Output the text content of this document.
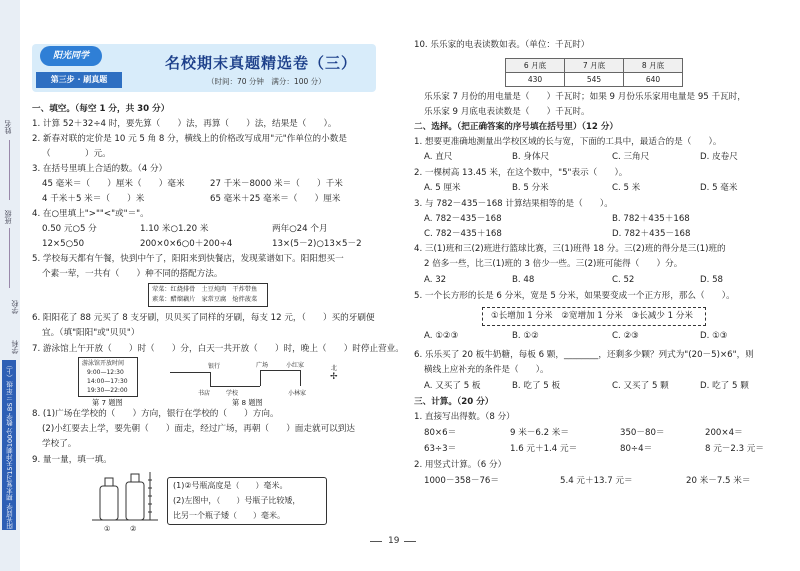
姓名
班级
学校
学科
阳光同学 期末复习15天冲刺100分 数学 BS 三年级（上）
阳光同学
第三步 · 刷真题
名校期末真题精选卷（三）
（时间：70 分钟　满分：100 分）
一、填空。（每空 1 分，共 30 分）
1. 计算 52＋32÷4 时，要先算（　　）法，再算（　　）法，结果是（　　）。
2. 新春对联的定价是 10 元 5 角 8 分，横线上的价格改写成用"元"作单位的小数是
（　　　　）元。
3. 在括号里填上合适的数。（4 分）
45 毫米＝（　　）厘米（　　）毫米	27 千米－8000 米＝（　　）千米
4 千米＋5 米＝（　　）米	65 毫米＋25 毫米＝（　　）厘米
4. 在○里填上">""<"或"＝"。
0.50 元○5 分	1.10 米○1.20 米	两年○24 个月
12×5○50	200×0×6○0＋200÷4	13×(5－2)○13×5－2
5. 学校每天都有午餐，快到中午了，阳阳来到快餐店，发现菜谱如下。阳阳想买一
个素一荤，一共有（　　）种不同的搭配方法。
荤菜：红烧排骨　土豆炖肉　干炸带鱼
素菜：醋熘藕片　家常豆腐　炝拌菠菜
6. 阳阳花了 88 元买了 8 支牙刷，贝贝买了同样的牙刷，每支 12 元，（　　）买的牙刷便
宜。（填"阳阳"或"贝贝"）
7. 游泳馆上午开放（　　）时（　　）分，白天一共开放（　　）时，晚上（　　）时停止营业。
游泳馆开放时间
9:00—12:30
14:00—17:30
19:30—22:00
第 7 题图
银行
书店	学校
广场	小红家
小林家
北
✢
第 8 题图
8. (1)广场在学校的（　　）方向，银行在学校的（　　）方向。
(2)小红要去上学，要先朝（　　）面走，经过广场，再朝（　　）面走就可以到达
学校了。
9. 量一量，填一填。
①	②
(1)②号瓶高度是（　　）毫米。
(2)左图中，（　　）号瓶子比较矮，
比另一个瓶子矮（　　）毫米。
10. 乐乐家的电表读数如表。（单位：千瓦时）
6 月底	7 月底	8 月底
430	545	640
乐乐家 7 月份的用电量是（　　）千瓦时；如果 9 月份乐乐家用电量是 95 千瓦时，
乐乐家 9 月底电表读数是（　　）千瓦时。
二、选择。（把正确答案的序号填在括号里）（12 分）
1. 想要更准确地测量出学校区域的长与宽，下面的工具中，最适合的是（　　）。
A. 直尺	B. 身体尺	C. 三角尺	D. 皮卷尺
2. 一棵树高 13.45 米，在这个数中，"5"表示（　　）。
A. 5 厘米	B. 5 分米	C. 5 米	D. 5 毫米
3. 与 782－435－168 计算结果相等的是（　　）。
A. 782－435－168	B. 782＋435＋168
C. 782－435＋168	D. 782＋435－168
4. 三(1)班和三(2)班进行篮球比赛，三(1)班得 18 分。三(2)班的得分是三(1)班的
2 倍多一些，比三(1)班的 3 倍少一些。三(2)班可能得（　　）分。
A. 32	B. 48	C. 52	D. 58
5. 一个长方形的长是 6 分米，宽是 5 分米，如果要变成一个正方形，那么（　　）。
①长增加 1 分米　②宽增加 1 分米　③长减少 1 分米
A. ①②③	B. ①②	C. ②③	D. ①③
6. 乐乐买了 20 板牛奶糖，每板 6 颗，________，还剩多少颗？列式为"(20－5)×6"，则
横线上应补充的条件是（　　）。
A. 又买了 5 板	B. 吃了 5 板	C. 又买了 5 颗	D. 吃了 5 颗
三、计算。（20 分）
1. 直接写出得数。（8 分）
80×6＝	9 米－6.2 米＝	350－80＝	200×4＝
63÷3＝	1.6 元＋1.4 元＝	80÷4＝	8 元－2.3 元＝
2. 用竖式计算。（6 分）
1000－358－76＝	5.4 元＋13.7 元＝	20 米－7.5 米＝
19
